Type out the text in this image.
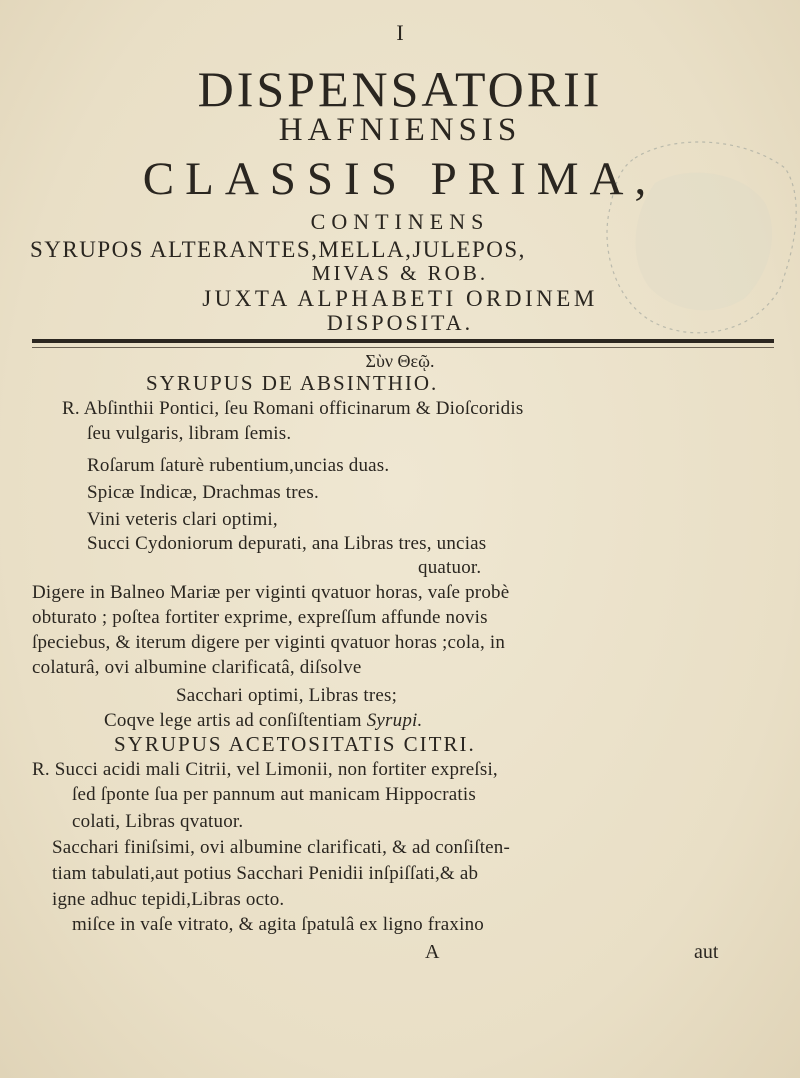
I
DISPENSATORII
HAFNIENSIS
CLASSIS PRIMA,
CONTINENS
SYRUPOS ALTERANTES,MELLA,JULEPOS,
MIVAS & ROB.
JUXTA ALPHABETI ORDINEM
DISPOSITA.
Σὺν Θεῷ.
SYRUPUS DE ABSINTHIO.
R. Abſinthii Pontici, ſeu Romani officinarum & Dioſcoridis
ſeu vulgaris, libram ſemis.
Roſarum ſaturè rubentium,uncias duas.
Spicæ Indicæ, Drachmas tres.
Vini veteris clari optimi,
Succi Cydoniorum depurati, ana Libras tres, uncias
quatuor.
Digere in Balneo Mariæ per viginti qvatuor horas, vaſe probè
obturato ; poſtea fortiter exprime, expreſſum affunde novis
ſpeciebus, & iterum digere per viginti qvatuor horas ;cola, in
colaturâ, ovi albumine clarificatâ, diſsolve
Sacchari optimi, Libras tres;
Coqve lege artis ad conſiſtentiam Syrupi.
SYRUPUS ACETOSITATIS CITRI.
R. Succi acidi mali Citrii, vel Limonii, non fortiter expreſsi,
ſed ſponte ſua per pannum aut manicam Hippocratis
colati, Libras qvatuor.
Sacchari finiſsimi, ovi albumine clarificati, & ad conſiſten-
tiam tabulati,aut potius Sacchari Penidii inſpiſſati,& ab
igne adhuc tepidi,Libras octo.
miſce in vaſe vitrato, & agita ſpatulâ ex ligno fraxino
A	aut
